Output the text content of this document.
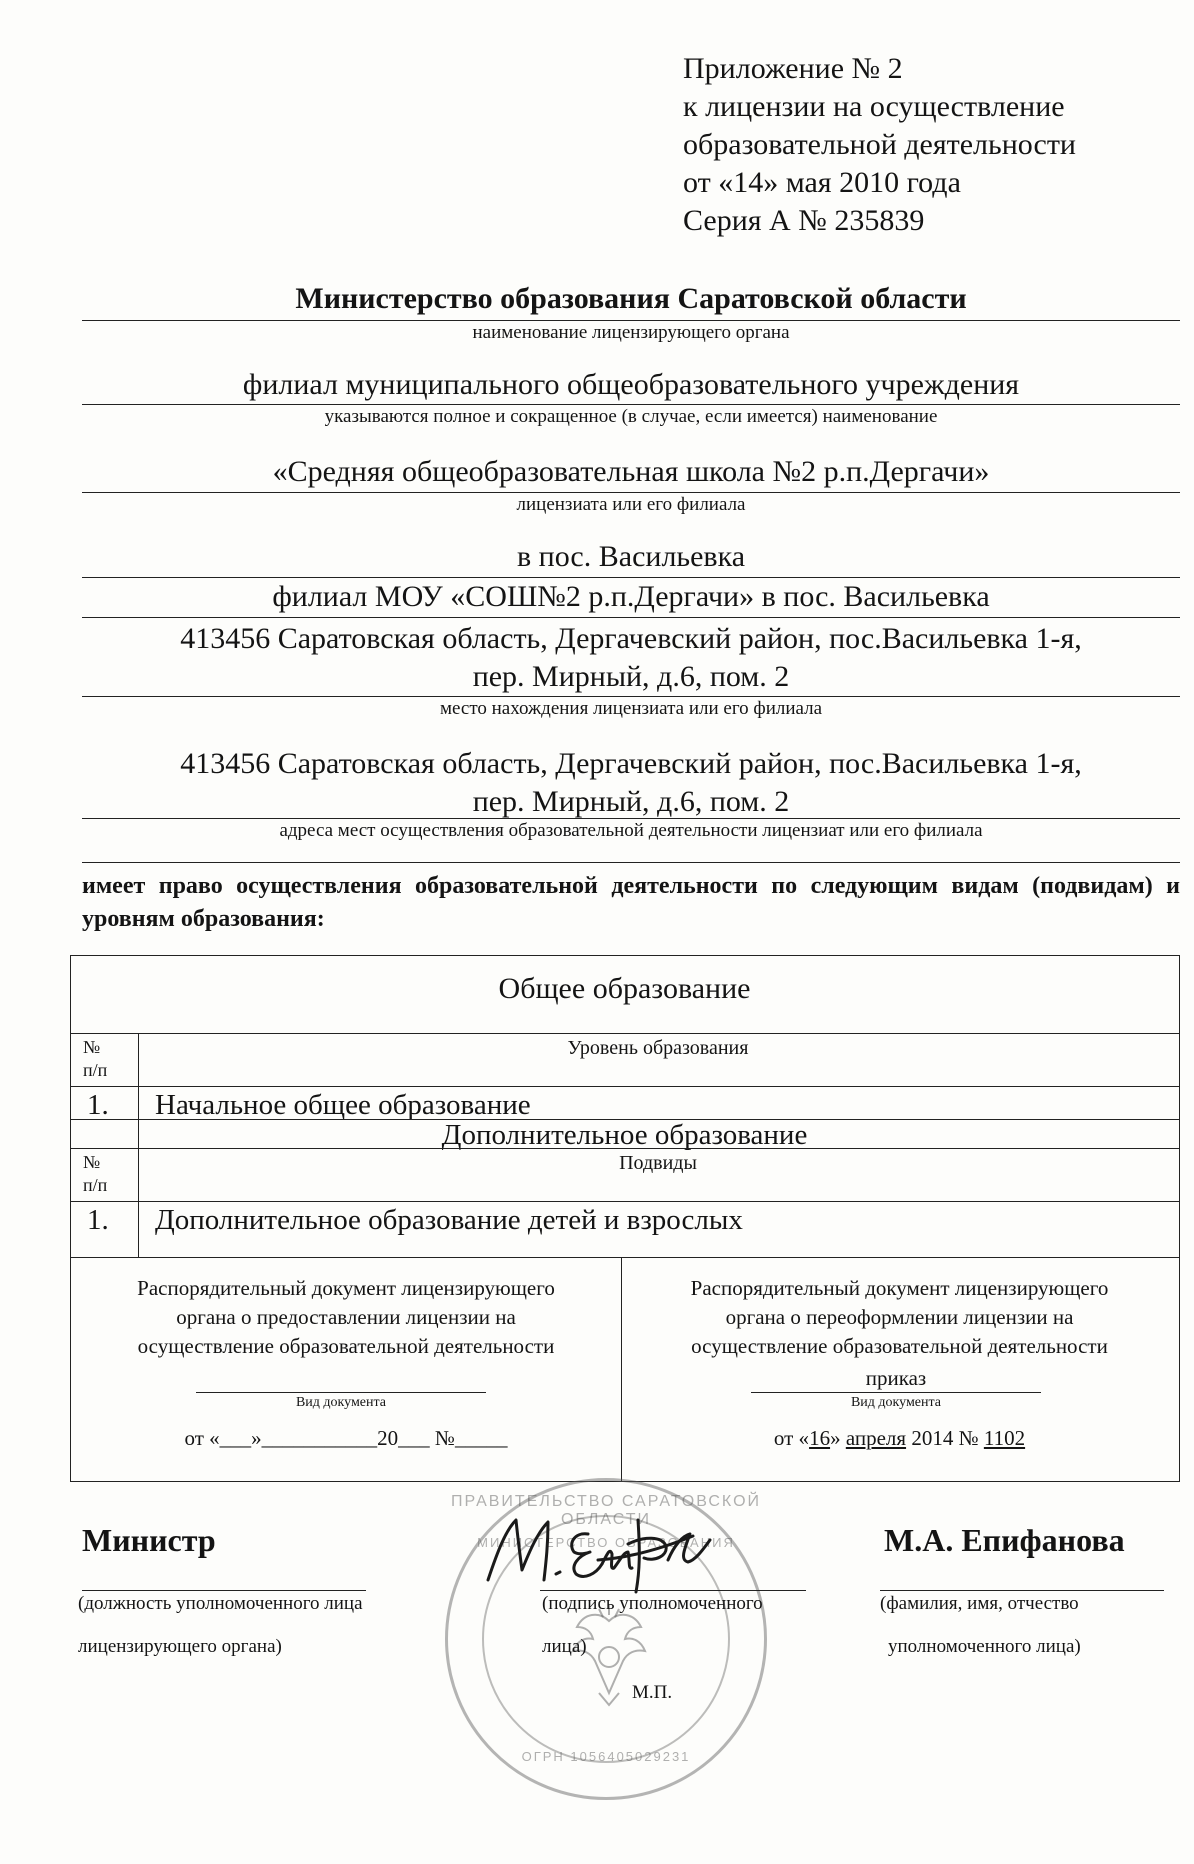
Приложение № 2
к лицензии на осуществление
образовательной деятельности
от «14» мая 2010 года
Серия А № 235839
Министерство образования Саратовской области
наименование лицензирующего органа
филиал муниципального общеобразовательного учреждения
указываются полное и сокращенное (в случае, если имеется) наименование
«Средняя общеобразовательная школа №2 р.п.Дергачи»
лицензиата или его филиала
в пос. Васильевка
филиал МОУ «СОШ№2 р.п.Дергачи» в пос. Васильевка
413456 Саратовская область, Дергачевский район, пос.Васильевка 1-я,
пер. Мирный, д.6, пом. 2
место нахождения лицензиата или его филиала
413456 Саратовская область, Дергачевский район, пос.Васильевка 1-я,
пер. Мирный, д.6, пом. 2
адреса мест осуществления образовательной деятельности лицензиат или его филиала
имеет право осуществления образовательной деятельности по следующим видам (подвидам) и уровням образования:
Общее образование
№
п/п
Уровень образования
1. Начальное общее образование
Дополнительное образование
№
п/п
Подвиды
1. Дополнительное образование детей и взрослых
Распорядительный документ лицензирующего
органа о предоставлении лицензии на
осуществление образовательной деятельности
Вид документа
от «___»___________20___ №_____
Распорядительный документ лицензирующего
органа о переоформлении лицензии на
осуществление образовательной деятельности
приказ
Вид документа
от «16» апреля 2014 № 1102
ПРАВИТЕЛЬСТВО САРАТОВСКОЙ ОБЛАСТИ
МИНИСТЕРСТВО ОБРАЗОВАНИЯ
ОГРН 1056405029231
Министр
(должность уполномоченного лица
лицензирующего органа)
(подпись уполномоченного
лица)
М.П.
М.А. Епифанова
(фамилия, имя, отчество
уполномоченного лица)
